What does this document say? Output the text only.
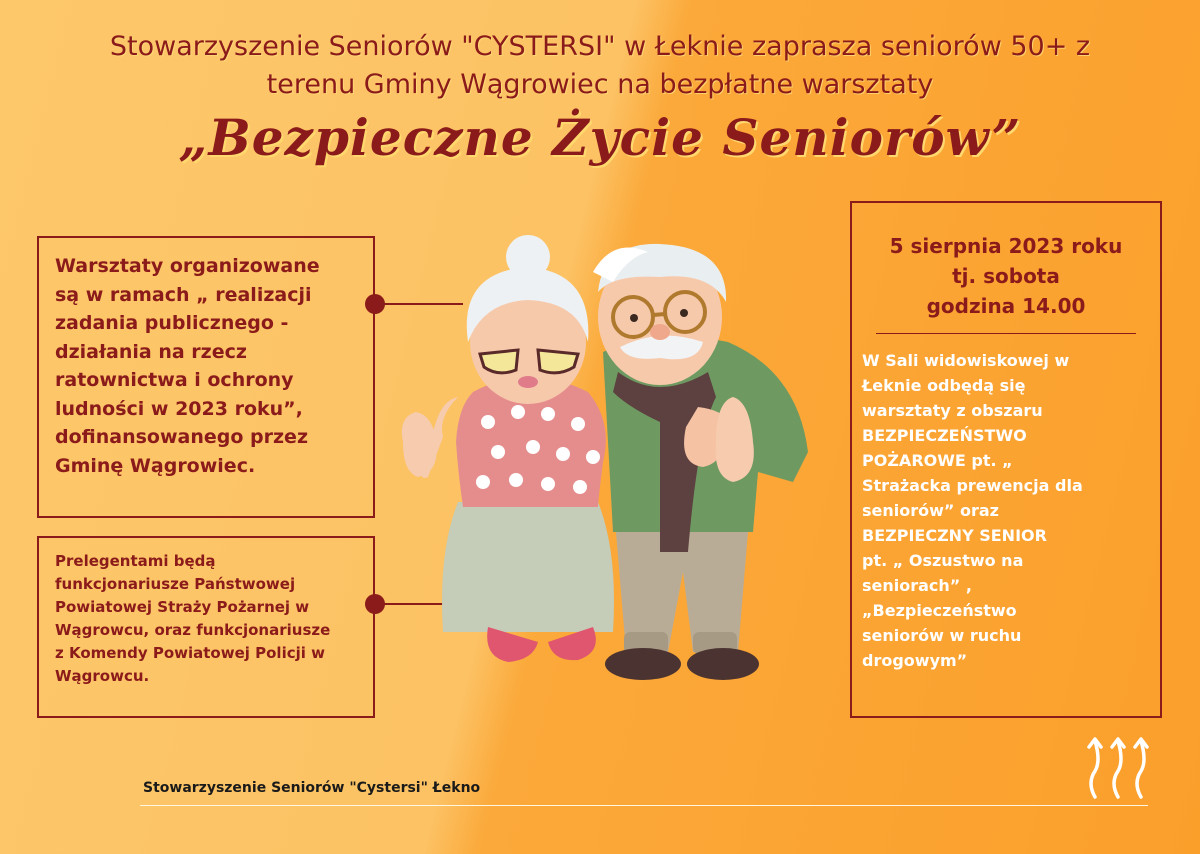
Stowarzyszenie Seniorów "CYSTERSI" w Łeknie zaprasza seniorów 50+ z
terenu Gminy Wągrowiec na bezpłatne warsztaty
„Bezpieczne Życie Seniorów”

Warsztaty organizowane
są w ramach „ realizacji
zadania publicznego -
działania na rzecz
ratownictwa i ochrony
ludności w 2023 roku”,
dofinansowanego przez
Gminę Wągrowiec.

Prelegentami będą
funkcjonariusze Państwowej
Powiatowej Straży Pożarnej w
Wągrowcu, oraz funkcjonariusze
z Komendy Powiatowej Policji w
Wągrowcu.

5 sierpnia 2023 roku
tj. sobota
godzina 14.00
W Sali widowiskowej w
Łeknie odbędą się
warsztaty z obszaru
BEZPIECZEŃSTWO
POŻAROWE pt. „
Strażacka prewencja dla
seniorów” oraz
BEZPIECZNY SENIOR
pt. „ Oszustwo na
seniorach” ,
„Bezpieczeństwo
seniorów w ruchu
drogowym”
Stowarzyszenie Seniorów "Cystersi" Łekno
